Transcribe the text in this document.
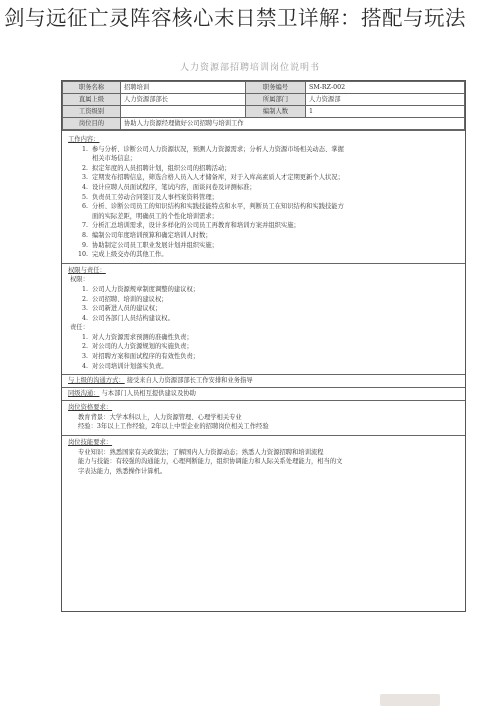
剑与远征亡灵阵容核心末日禁卫详解：搭配与玩法
人力资源部招聘培训岗位说明书
职务名称	招聘培训	职务编号	SM-RZ-002
直属上级	人力资源部部长	所属部门	人力资源部
工资级别		编制人数	1
岗位目的	协助人力资源经理做好公司招聘与培训工作		
工作内容：
1. 参与分析、诊断公司人力资源状况，预测人力资源需求；分析人力资源市场相关动态、掌握
相关市场信息；
2. 拟定年度的人员招聘计划，组织公司的招聘活动；
3. 定期发布招聘信息，筛选合格人员入人才储备库，对于入库高素质人才定期更新个人状况；
4. 设计应聘人员面试程序，笔试内容，面谈问卷及评测标准；
5. 负责员工劳动合同签订及人事档案资料管理；
6. 分析、诊断公司员工的知识结构和实践技能特点和水平，判断员工在知识结构和实践技能方
面的实际差距，明确员工的个性化培训需求；
7. 分析汇总培训需求，设计多样化的公司员工再教育和培训方案并组织实施；
8. 编制公司年度培训预算和确定培训人时数；
9. 协助制定公司员工职业发展计划并组织实施；
10. 完成上级交办的其他工作。
权限与责任：
权限：
1. 公司人力资源规章制度调整的建议权；
2. 公司招聘、培训的建议权；
3. 公司新进人员的建议权；
4. 公司各部门人员结构建议权。
责任：
1. 对人力资源需求预测的准确性负责；
2. 对公司的人力资源规划的实施负责；
3. 对招聘方案和面试程序的有效性负责；
4. 对公司培训计划落实负责。
与上级的沟通方式： 接受来自人力资源部部长工作安排和业务指导
同级沟通： 与本部门人员相互提供建议及协助
岗位资格要求：
教育背景：大学本科以上，人力资源管理、心理学相关专业
经验：3年以上工作经验，2年以上中型企业的招聘岗位相关工作经验
岗位技能要求：
专业知识：熟悉国家有关政策法；了解国内人力资源动态；熟悉人力资源招聘和培训流程
能力与技能：有较强的沟通能力，心理判断能力，组织协调能力和人际关系处理能力，相当的文
字表达能力，熟悉操作计算机。
